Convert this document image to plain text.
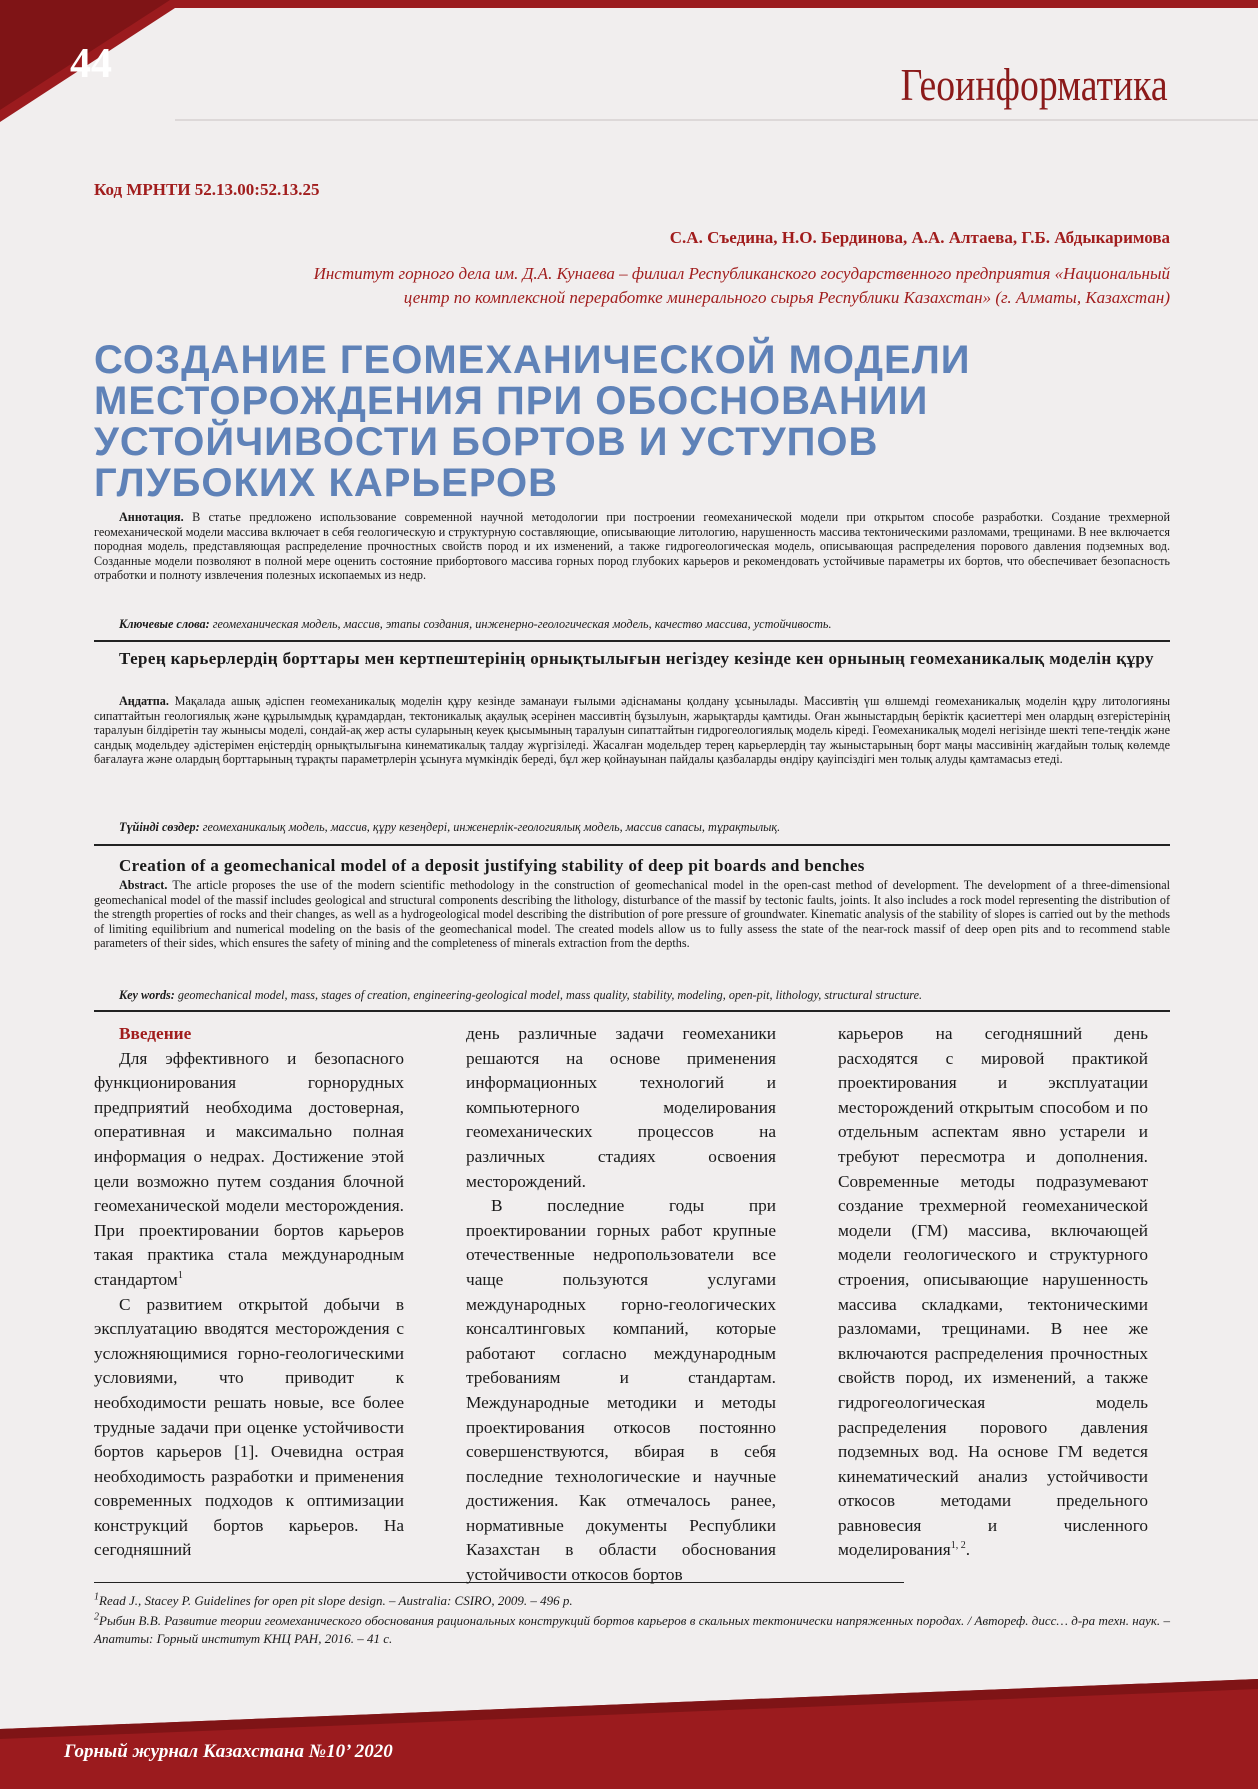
44	Геоинформатика
Код МРНТИ 52.13.00:52.13.25
С.А. Съедина, Н.О. Бердинова, А.А. Алтаева, Г.Б. Абдыкаримова
Институт горного дела им. Д.А. Кунаева – филиал Республиканского государственного предприятия «Национальный
центр по комплексной переработке минерального сырья Республики Казахстан» (г. Алматы, Казахстан)
СОЗДАНИЕ ГЕОМЕХАНИЧЕСКОЙ МОДЕЛИ
МЕСТОРОЖДЕНИЯ ПРИ ОБОСНОВАНИИ
УСТОЙЧИВОСТИ БОРТОВ И УСТУПОВ
ГЛУБОКИХ КАРЬЕРОВ
Аннотация. В статье предложено использование современной научной методологии при построении геомеханической модели при открытом способе разработки. Создание трехмерной геомеханической модели массива включает в себя геологическую и структурную составляющие, описывающие литологию, нарушенность массива тектоническими разломами, трещинами. В нее включается породная модель, представляющая распределение прочностных свойств пород и их изменений, а также гидрогеологическая модель, описывающая распределения порового давления подземных вод. Созданные модели позволяют в полной мере оценить состояние прибортового массива горных пород глубоких карьеров и рекомендовать устойчивые параметры их бортов, что обеспечивает безопасность отработки и полноту извлечения полезных ископаемых из недр.
Ключевые слова: геомеханическая модель, массив, этапы создания, инженерно-геологическая модель, качество массива, устойчивость.
Терең карьерлердің борттары мен кертпештерінің орнықтылығын негіздеу кезінде кен орнының геомеханикалық моделін құру
Аңдатпа. Мақалада ашық әдіспен геомеханикалық моделін құру кезінде заманауи ғылыми әдіснаманы қолдану ұсынылады. Массивтің үш өлшемді геомеханикалық моделін құру литологияны сипаттайтын геологиялық және құрылымдық құрамдардан, тектоникалық ақаулық әсерінен массивтің бұзылуын, жарықтарды қамтиды. Оған жыныстардың беріктік қасиеттері мен олардың өзгерістерінің таралуын білдіретін тау жынысы моделі, сондай-ақ жер асты суларының кеуек қысымының таралуын сипаттайтын гидрогеологиялық модель кіреді. Геомеханикалық моделі негізінде шекті тепе-теңдік және сандық модельдеу әдістерімен еңістердің орнықтылығына кинематикалық талдау жүргізіледі. Жасалған модельдер терең карьерлердің тау жыныстарының борт маңы массивінің жағдайын толық көлемде бағалауға және олардың борттарының тұрақты параметрлерін ұсынуға мүмкіндік береді, бұл жер қойнауынан пайдалы қазбаларды өндіру қауіпсіздігі мен толық алуды қамтамасыз етеді.
Түйінді сөздер: геомеханикалық модель, массив, құру кезеңдері, инженерлік-геологиялық модель, массив сапасы, тұрақтылық.
Creation of a geomechanical model of a deposit justifying stability of deep pit boards and benches
Abstract. The article proposes the use of the modern scientific methodology in the construction of geomechanical model in the open-cast method of development. The development of a three-dimensional geomechanical model of the massif includes geological and structural components describing the lithology, disturbance of the massif by tectonic faults, joints. It also includes a rock model representing the distribution of the strength properties of rocks and their changes, as well as a hydrogeological model describing the distribution of pore pressure of groundwater. Kinematic analysis of the stability of slopes is carried out by the methods of limiting equilibrium and numerical modeling on the basis of the geomechanical model. The created models allow us to fully assess the state of the near-rock massif of deep open pits and to recommend stable parameters of their sides, which ensures the safety of mining and the completeness of minerals extraction from the depths.
Key words: geomechanical model, mass, stages of creation, engineering-geological model, mass quality, stability, modeling, open-pit, lithology, structural structure.

Введение

Для эффективного и безопасного функционирования горнорудных предприятий необходима достоверная, оперативная и максимально полная информация о недрах. Достижение этой цели возможно путем создания блочной геомеханической модели месторождения. При проектировании бортов карьеров такая практика стала международным стандартом$^1$

С развитием открытой добычи в эксплуатацию вводятся месторождения с усложняющимися горно-геологическими условиями, что приводит к необходимости решать новые, все более трудные задачи при оценке устойчивости бортов карьеров [1]. Очевидна острая необходимость разработки и применения современных подходов к оптимизации конструкций бортов карьеров. На сегодняшний

день различные задачи геомеханики решаются на основе применения информационных технологий и компьютерного моделирования геомеханических процессов на различных стадиях освоения месторождений.

В последние годы при проектировании горных работ крупные отечественные недропользователи все чаще пользуются услугами международных горно-геологических консалтинговых компаний, которые работают согласно международным требованиям и стандартам. Международные методики и методы проектирования откосов постоянно совершенствуются, вбирая в себя последние технологические и научные достижения. Как отмечалось ранее, нормативные документы Республики Казахстан в области обоснования устойчивости откосов бортов

карьеров на сегодняшний день расходятся с мировой практикой проектирования и эксплуатации месторождений открытым способом и по отдельным аспектам явно устарели и требуют пересмотра и дополнения. Современные методы подразумевают создание трехмерной геомеханической модели (ГМ) массива, включающей модели геологического и структурного строения, описывающие нарушенность массива складками, тектоническими разломами, трещинами. В нее же включаются распределения прочностных свойств пород, их изменений, а также гидрогеологическая модель распределения порового давления подземных вод. На основе ГМ ведется кинематический анализ устойчивости откосов методами предельного равновесия и численного моделирования$^{1, 2}$.

$^1$Read J., Stacey P. Guidelines for open pit slope design. – Australia: CSIRO, 2009. – 496 p.
$^2$Рыбин В.В. Развитие теории геомеханического обоснования рациональных конструкций бортов карьеров в скальных тектонически напряженных породах. / Автореф. дисс… д-ра техн. наук. – Апатиты: Горный институт КНЦ РАН, 2016. – 41 с.
Горный журнал Казахстана №10’ 2020
